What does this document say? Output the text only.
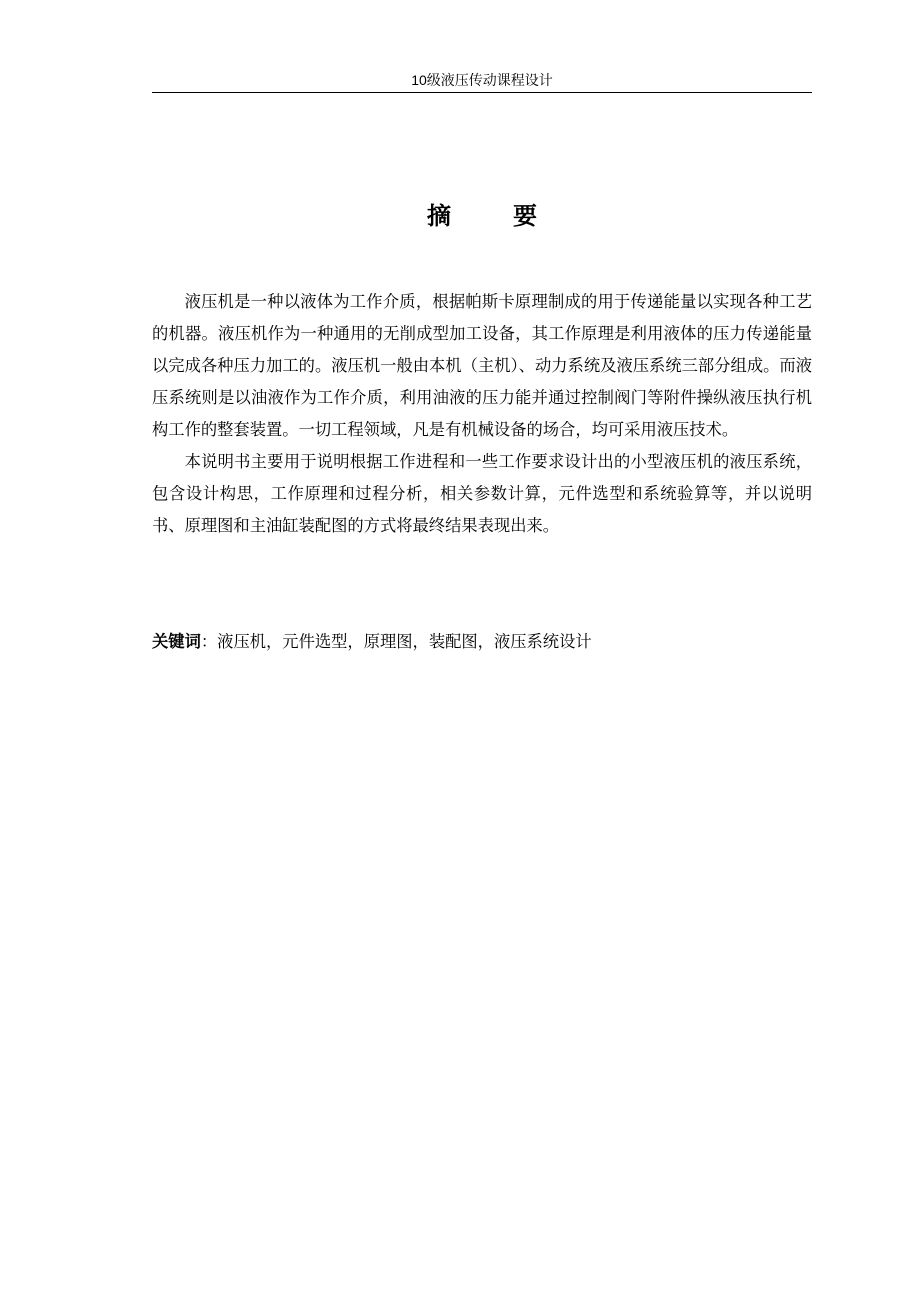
10级液压传动课程设计
摘	要

液压机是一种以液体为工作介质，根据帕斯卡原理制成的用于传递能量以实现各种工艺的机器。液压机作为一种通用的无削成型加工设备，其工作原理是利用液体的压力传递能量以完成各种压力加工的。液压机一般由本机（主机）、动力系统及液压系统三部分组成。而液压系统则是以油液作为工作介质，利用油液的压力能并通过控制阀门等附件操纵液压执行机构工作的整套装置。一切工程领域，凡是有机械设备的场合，均可采用液压技术。

本说明书主要用于说明根据工作进程和一些工作要求设计出的小型液压机的液压系统，包含设计构思，工作原理和过程分析，相关参数计算，元件选型和系统验算等，并以说明书、原理图和主油缸装配图的方式将最终结果表现出来。

关键词：液压机，元件选型，原理图，装配图，液压系统设计
